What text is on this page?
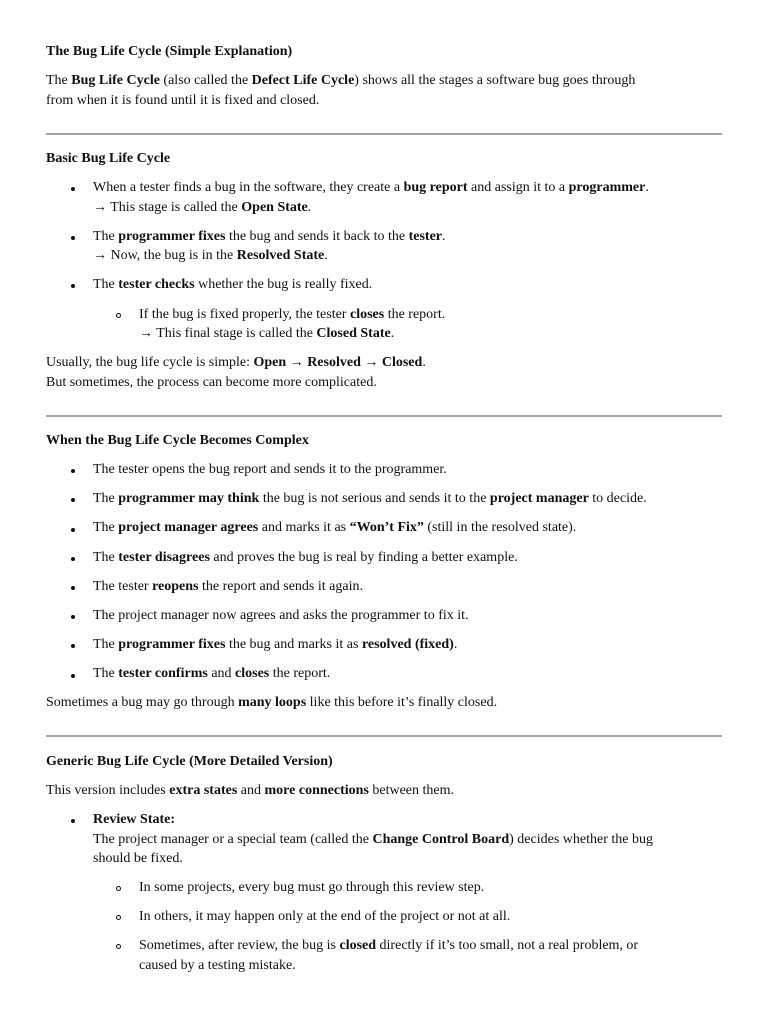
The Bug Life Cycle (Simple Explanation)
The Bug Life Cycle (also called the Defect Life Cycle) shows all the stages a software bug goes through
from when it is found until it is fixed and closed.
Basic Bug Life Cycle
When a tester finds a bug in the software, they create a bug report and assign it to a programmer.
→ This stage is called the Open State.
The programmer fixes the bug and sends it back to the tester.
→ Now, the bug is in the Resolved State.
The tester checks whether the bug is really fixed.
If the bug is fixed properly, the tester closes the report.
→ This final stage is called the Closed State.
Usually, the bug life cycle is simple: Open → Resolved → Closed.
But sometimes, the process can become more complicated.
When the Bug Life Cycle Becomes Complex
The tester opens the bug report and sends it to the programmer.
The programmer may think the bug is not serious and sends it to the project manager to decide.
The project manager agrees and marks it as “Won’t Fix” (still in the resolved state).
The tester disagrees and proves the bug is real by finding a better example.
The tester reopens the report and sends it again.
The project manager now agrees and asks the programmer to fix it.
The programmer fixes the bug and marks it as resolved (fixed).
The tester confirms and closes the report.
Sometimes a bug may go through many loops like this before it’s finally closed.
Generic Bug Life Cycle (More Detailed Version)
This version includes extra states and more connections between them.
Review State:
The project manager or a special team (called the Change Control Board) decides whether the bug
should be fixed.
In some projects, every bug must go through this review step.
In others, it may happen only at the end of the project or not at all.
Sometimes, after review, the bug is closed directly if it’s too small, not a real problem, or
caused by a testing mistake.
